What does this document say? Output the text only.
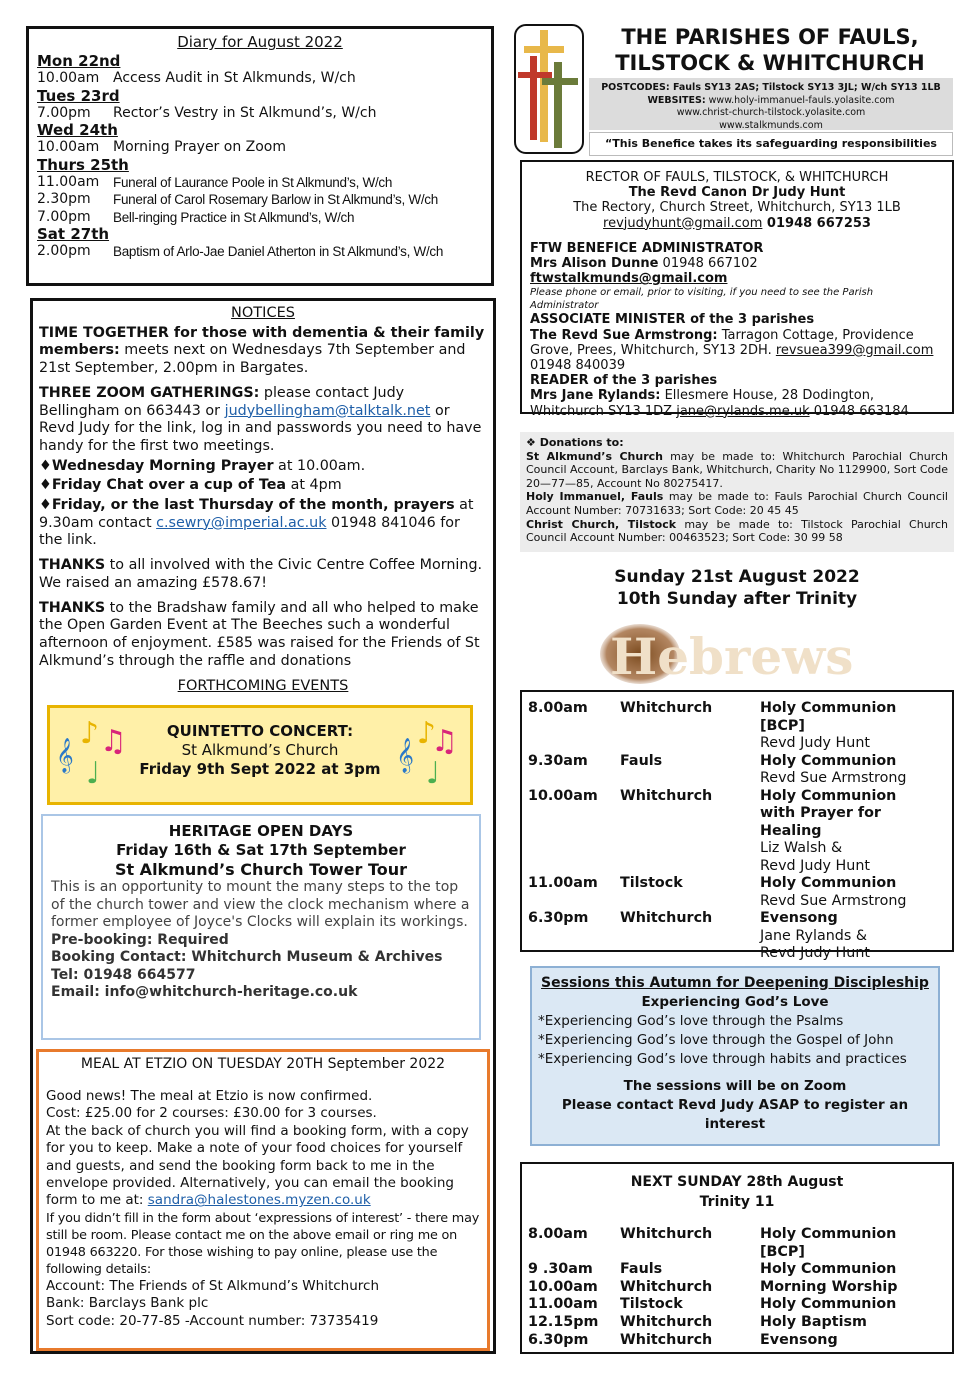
Diary for August 2022
Mon 22nd
10.00am Access Audit in St Alkmunds, W/ch
Tues 23rd
7.00pm	Rector’s Vestry in St Alkmund’s, W/ch
Wed 24th
10.00am Morning Prayer on Zoom
Thurs 25th
11.00am	Funeral of Laurance Poole in St Alkmund’s, W/ch
2.30pm	Funeral of Carol Rosemary Barlow in St Alkmund’s, W/ch
7.00pm	Bell-ringing Practice in St Alkmund’s, W/ch
Sat 27th
2.00pm	Baptism of Arlo-Jae Daniel Atherton in St Alkmund’s, W/ch
NOTICES

TIME TOGETHER for those with dementia & their family members: meets next on Wednesdays 7th September and 21st September, 2.00pm in Bargates.

THREE ZOOM GATHERINGS: please contact Judy Bellingham on 663443 or judybellingham@talktalk.net or Revd Judy for the link, log in and passwords you need to have handy for the first two meetings.

♦Wednesday Morning Prayer at 10.00am.
♦Friday Chat over a cup of Tea at 4pm

♦Friday, or the last Thursday of the month, prayers at 9.30am contact c.sewry@imperial.ac.uk 01948 841046 for the link.

THANKS to all involved with the Civic Centre Coffee Morning. We raised an amazing £578.67!

THANKS to the Bradshaw family and all who helped to make the Open Garden Event at The Beeches such a wonderful afternoon of enjoyment. £585 was raised for the Friends of St Alkmund’s through the raffle and donations

FORTHCOMING EVENTS
𝄞
♪ ♫
♩
𝄞
♪
♫
♩
QUINTETTO CONCERT:
St Alkmund’s Church
Friday 9th Sept 2022 at 3pm
HERITAGE OPEN DAYS
Friday 16th & Sat 17th September
St Alkmund’s Church Tower Tour
This is an opportunity to mount the many steps to the top of the church tower and view the clock mechanism where a former employee of Joyce's Clocks will explain its workings.
Pre-booking: Required
Booking Contact: Whitchurch Museum & Archives
Tel: 01948 664577
Email: info@whitchurch-heritage.co.uk
MEAL AT ETZIO ON TUESDAY 20TH September 2022
Good news! The meal at Etzio is now confirmed.
Cost: £25.00 for 2 courses: £30.00 for 3 courses.
At the back of church you will find a booking form, with a copy for you to keep. Make a note of your food choices for yourself and guests, and send the booking form back to me in the envelope provided. Alternatively, you can email the booking form to me at: sandra@halestones.myzen.co.uk
If you didn’t fill in the form about ‘expressions of interest’ - there may still be room. Please contact me on the above email or ring me on 01948 663220. For those wishing to pay online, please use the following details:
Account: The Friends of St Alkmund’s Whitchurch
Bank: Barclays Bank plc
Sort code: 20-77-85 -Account number: 73735419
THE PARISHES OF FAULS,
TILSTOCK & WHITCHURCH
POSTCODES: Fauls SY13 2AS; Tilstock SY13 3JL; W/ch SY13 1LB
WEBSITES: www.holy-immanuel-fauls.yolasite.com
www.christ-church-tilstock.yolasite.com
www.stalkmunds.com
“This Benefice takes its safeguarding responsibilities
RECTOR OF FAULS, TILSTOCK, & WHITCHURCH
The Revd Canon Dr Judy Hunt
The Rectory, Church Street, Whitchurch, SY13 1LB
revjudyhunt@gmail.com 01948 667253
FTW BENEFICE ADMINISTRATOR
Mrs Alison Dunne 01948 667102 ftwstalkmunds@gmail.com
Please phone or email, prior to visiting, if you need to see the Parish Administrator
ASSOCIATE MINISTER of the 3 parishes
The Revd Sue Armstrong: Tarragon Cottage, Providence Grove, Prees, Whitchurch, SY13 2DH. revsuea399@gmail.com
01948 840039
READER of the 3 parishes
Mrs Jane Rylands: Ellesmere House, 28 Dodington, Whitchurch SY13 1DZ jane@rylands.me.uk 01948 663184
❖ Donations to:
St Alkmund’s Church may be made to: Whitchurch Parochial Church Council Account, Barclays Bank, Whitchurch, Charity No 1129900, Sort Code 20—77—85, Account No 80275417.
Holy Immanuel, Fauls may be made to: Fauls Parochial Church Council Account Number: 70731633; Sort Code: 20 45 45
Christ Church, Tilstock may be made to: Tilstock Parochial Church Council Account Number: 00463523; Sort Code: 30 99 58
Sunday 21st August 2022
10th Sunday after Trinity
Hebrews
8.00am	Whitchurch	Holy Communion [BCP]
Revd Judy Hunt
9.30am	Fauls	Holy Communion
Revd Sue Armstrong
10.00am	Whitchurch	Holy Communion
with Prayer for Healing
Liz Walsh &
Revd Judy Hunt
11.00am	Tilstock	Holy Communion
Revd Sue Armstrong
6.30pm	Whitchurch	Evensong
Jane Rylands &
Revd Judy Hunt
Sessions this Autumn for Deepening Discipleship
Experiencing God’s Love
*Experiencing God’s love through the Psalms
*Experiencing God’s love through the Gospel of John
*Experiencing God’s love through habits and practices
The sessions will be on Zoom
Please contact Revd Judy ASAP to register an interest
NEXT SUNDAY 28th August
Trinity 11
8.00am	Whitchurch	Holy Communion [BCP]
9 .30am	Fauls	Holy Communion
10.00am	Whitchurch	Morning Worship
11.00am	Tilstock	Holy Communion
12.15pm	Whitchurch	Holy Baptism
6.30pm	Whitchurch	Evensong
